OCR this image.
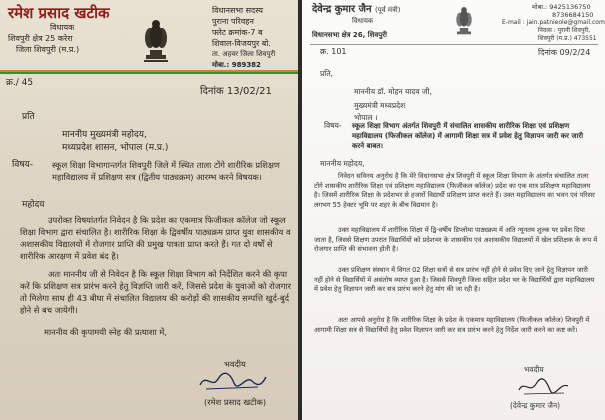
रमेश प्रसाद खटीक
विधायक
शिवपुरी क्षेत्र 25 करेरा
जिला शिवपुरी (म.प्र.)
विधानसभा सदस्य
पुराना परिवहन
फ्लेट क्रमांक-7 ब
शिवाल-विजयपुर बो.
ता. अहवर जिला शिवपुरी
मोबा.: 989382
क्र./ 45
दिनांक 13/02/21
प्रति
माननीय मुख्यमंत्री महोदय,
मध्यप्रदेश शासन, भोपाल (म.प्र.)
विषय- स्कूल शिक्षा विभागान्तर्गत शिवपुरी जिले में स्थित ताला टोंगे शारीरिक प्रशिक्षण महाविद्यालय में प्रशिक्षण सत्र (द्वितीय पाठ्यक्रम) आरम्भ करने विषयक।
महोदय
उपरोक्त विषयांतर्गत निवेदन है कि प्रदेश का एकमात्र फिजीकल कॉलेज जो स्कूल शिक्षा विभाग द्वारा संचालित है। शारीरिक शिक्षा के द्विवर्षीय पाठ्यक्रम प्राप्त युवा शासकीय व अशासकीय विद्यालयों में रोजगार प्राप्ति की प्रमुख पात्रता प्राप्त करते हैं। गत दो वर्षों से शारीरिक आरक्षण में प्रवेश बंद है।
अतः माननीय जी से निवेदन है कि स्कूल शिक्षा विभाग को निर्देशित करने की कृपा करें कि प्रशिक्षण सत्र प्रारंभ करने हेतु विज्ञप्ति जारी करें, जिससे प्रदेश के युवाओं को रोजगार तो मिलेगा साथ ही 43 बीघा में संचालित विद्यालय की करोड़ों की शासकीय सम्पत्ति खुर्द-बुर्द होने से बच जायेगी।
माननीय की कृपामयी स्नेह की प्रत्याशा में,
भवदीय
(रमेश प्रसाद खटीक)
देवेन्द्र कुमार जैन (पूर्व मंत्री)
विधायक
विधानसभा क्षेत्र 26, शिवपुरी
मोबा.: 9425136750
8736684150
E-mail : jain.patnieole@gmail.com
निवास : पुरानी शिवपुरी,
शिवपुरी (म.प्र.) 473551
क्र. 101	दिनांक 09/2/24
प्रति,
माननीय डॉ. मोहन यादव जी,
मुख्यमंत्री मध्यप्रदेश
भोपाल ।
विषय- स्कूल शिक्षा विभाग अंतर्गत शिवपुरी में संचालित शासकीय शारीरिक शिक्षा एवं प्रशिक्षण महाविद्यालय (फिजीकल कॉलेज) में आगामी शिक्षा सत्र में प्रवेश हेतु विज्ञापन जारी कर जारी करने बाबत।
माननीय महोदय,
निवेदन सविनय अनुरोध है कि मेरे विधानसभा क्षेत्र शिवपुरी में स्कूल शिक्षा विभाग के अंतर्गत संचालित ताला टोंगे शासकीय शारीरिक शिक्षा एवं प्रशिक्षण महाविद्यालय (फिजीकल कॉलेज) प्रदेश का एक मात्र प्रशिक्षण महाविद्यालय है। जिसमें शारीरिक शिक्षा के प्रदेशभर से हजारों विद्यार्थी प्रशिक्षण प्राप्त करते हैं। उक्त महाविद्यालय का भवन एवं परिसर लगभग 55 हेक्टर भूमि पर शहर के बीच विद्यमान है।
उक्त महाविद्यालय में शारीरिक शिक्षा में द्वि-वर्षीय डिप्लोमा पाठ्यक्रम में अति न्यूनतम शुल्क पर प्रवेश दिया जाता है, जिससे शिक्षण उपरांत विद्यार्थियों को प्रदेशभर के शासकीय एवं अशासकीय विद्यालयों में खेल प्रशिक्षक के रूप में रोजगार प्राप्ति की संभावना होती है।
उक्त प्रशिक्षण संस्थान में विगत 02 शिक्षा सत्रों से सत्र प्रारंभ नहीं होने से प्रवेश दिए जाने हेतु विज्ञापन जारी नहीं होने से विद्यार्थियों में असंतोष व्याप्त हुआ है। जिससे शिवपुरी जिला सहित प्रदेश भर के विद्यार्थियों द्वारा महाविद्यालय में प्रवेश हेतु विज्ञापन जारी कर सत्र प्रारंभ करने हेतु मांग की जा रही है।
अतः आपसे अनुरोध है कि शारीरिक शिक्षा के प्रदेश के एकमात्र महाविद्यालय (फिजीकल कॉलेज) शिवपुरी में आगामी शिक्षा सत्र से विद्यार्थियों हेतु प्रवेश विज्ञापन जारी कर सत्र प्रारंभ करने हेतु निर्देश जारी करने का कष्ट करें।
भवदीय
(देवेन्द्र कुमार जैन)
